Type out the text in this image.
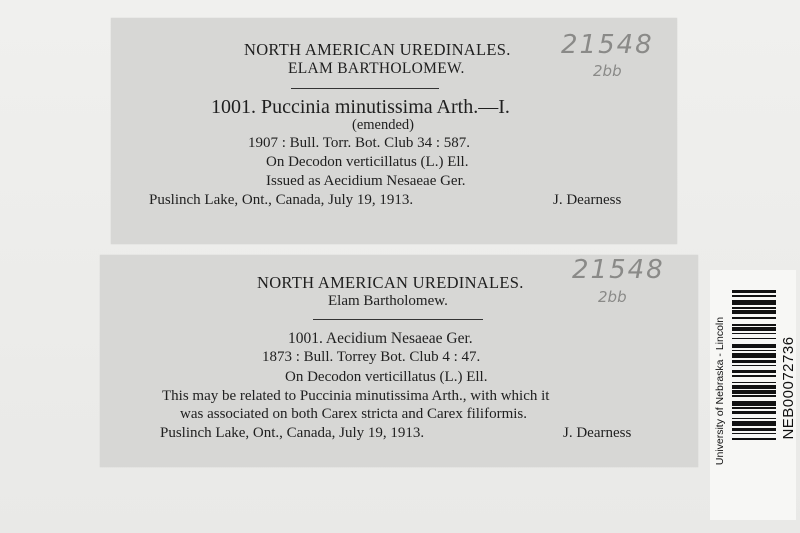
NORTH AMERICAN UREDINALES.
ELAM BARTHOLOMEW.
1001. Puccinia minutissima Arth.—I.
(emended)
1907 : Bull. Torr. Bot. Club 34 : 587.
On Decodon verticillatus (L.) Ell.
Issued as Aecidium Nesaeae Ger.
Puslinch Lake, Ont., Canada, July 19, 1913.	J. Dearness
21548
2bb
NORTH AMERICAN UREDINALES.
Elam Bartholomew.
1001. Aecidium Nesaeae Ger.
1873 : Bull. Torrey Bot. Club 4 : 47.
On Decodon verticillatus (L.) Ell.
This may be related to Puccinia minutissima Arth., with which it
was associated on both Carex stricta and Carex filiformis.
Puslinch Lake, Ont., Canada, July 19, 1913.	J. Dearness
21548
2bb
University of Nebraska - Lincoln	NEB00072736
